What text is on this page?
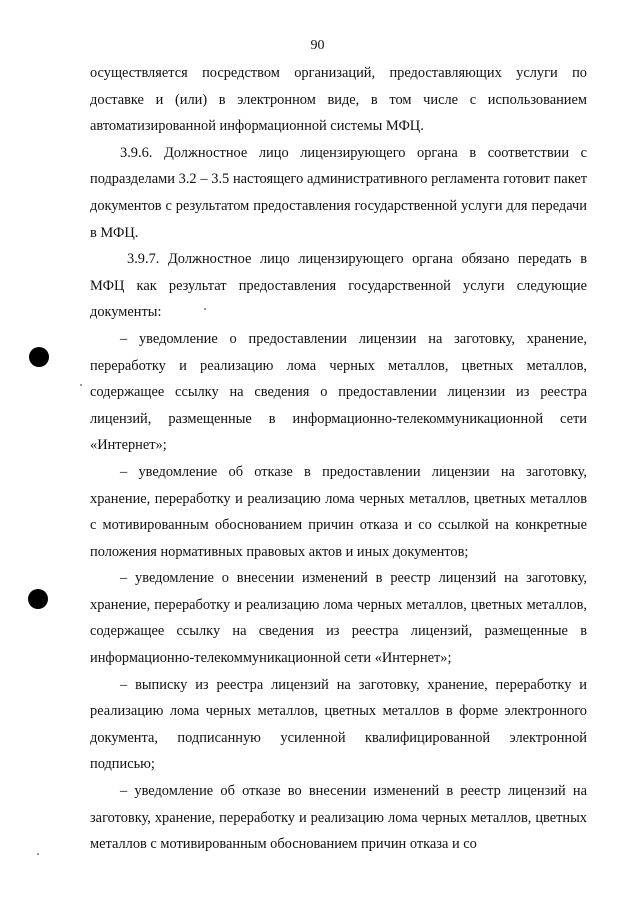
90

осуществляется посредством организаций, предоставляющих услуги по доставке и (или) в электронном виде, в том числе с использованием автоматизированной информационной системы МФЦ.

3.9.6. Должностное лицо лицензирующего органа в соответствии с подразделами 3.2 – 3.5 настоящего административного регламента готовит пакет документов с результатом предоставления государственной услуги для передачи в МФЦ.

3.9.7. Должностное лицо лицензирующего органа обязано передать в МФЦ как результат предоставления государственной услуги следующие документы:

– уведомление о предоставлении лицензии на заготовку, хранение, переработку и реализацию лома черных металлов, цветных металлов, содержащее ссылку на сведения о предоставлении лицензии из реестра лицензий, размещенные в информационно-телекоммуникационной сети «Интернет»;

– уведомление об отказе в предоставлении лицензии на заготовку, хранение, переработку и реализацию лома черных металлов, цветных металлов с мотивированным обоснованием причин отказа и со ссылкой на конкретные положения нормативных правовых актов и иных документов;

– уведомление о внесении изменений в реестр лицензий на заготовку, хранение, переработку и реализацию лома черных металлов, цветных металлов, содержащее ссылку на сведения из реестра лицензий, размещенные в информационно-телекоммуникационной сети «Интернет»;

– выписку из реестра лицензий на заготовку, хранение, переработку и реализацию лома черных металлов, цветных металлов в форме электронного документа, подписанную усиленной квалифицированной электронной подписью;

– уведомление об отказе во внесении изменений в реестр лицензий на заготовку, хранение, переработку и реализацию лома черных металлов, цветных металлов с мотивированным обоснованием причин отказа и со
